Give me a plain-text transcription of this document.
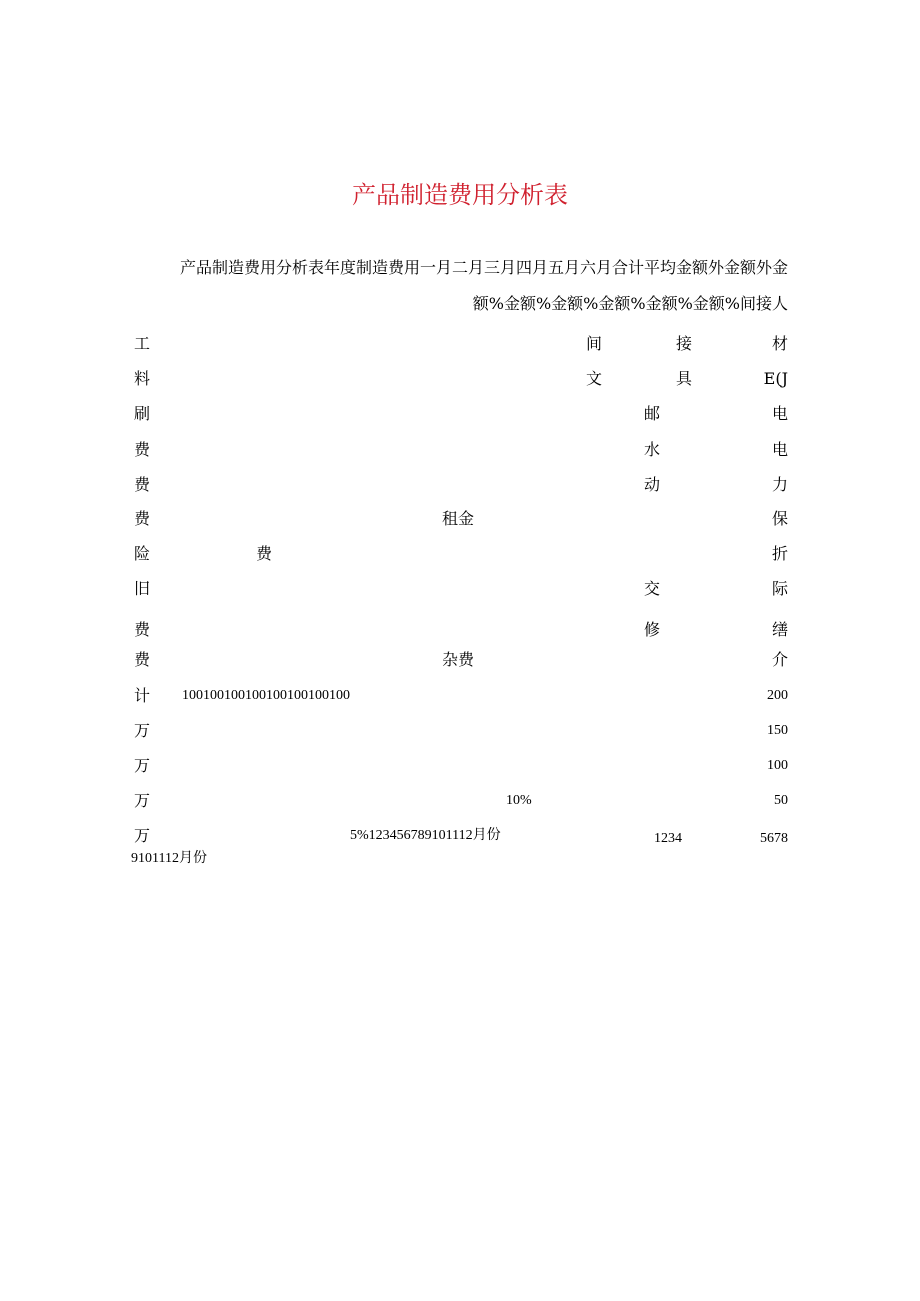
产品制造费用分析表
产品制造费用分析表年度制造费用一月二月三月四月五月六月合计平均金额外金额外金
额%金额%金额%金额%金额%金额%间接人
工	间	接	材
料	文	具	E(J
刷	邮	电
费	水	电
费	动	力
费	租金	保
险	费	折
旧	交	际
费	修	缮
费	杂费	介
计 100100100100100100100100	200
万	150
万	100
万	10%	50
万	5%123456789101112月份	1234	5678
9101112月份
